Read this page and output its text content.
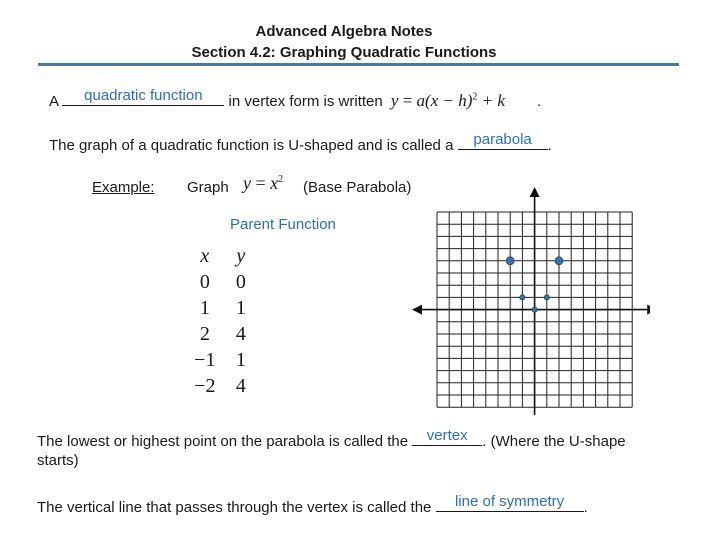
Advanced Algebra Notes
Section 4.2: Graphing Quadratic Functions
A	quadratic function	in vertex form is written $y = a(x - h)^2 + k$ .
The graph of a quadratic function is U-shaped and is called a	parabola	.
Example: Graph $y = x^2$ (Base Parabola)
Parent Function
x	y
0	0
1	1
2	4
−1	1
−2	4
The lowest or highest point on the parabola is called the vertex . (Where the U-shape
starts)
The vertical line that passes through the vertex is called the	line of symmetry	.
